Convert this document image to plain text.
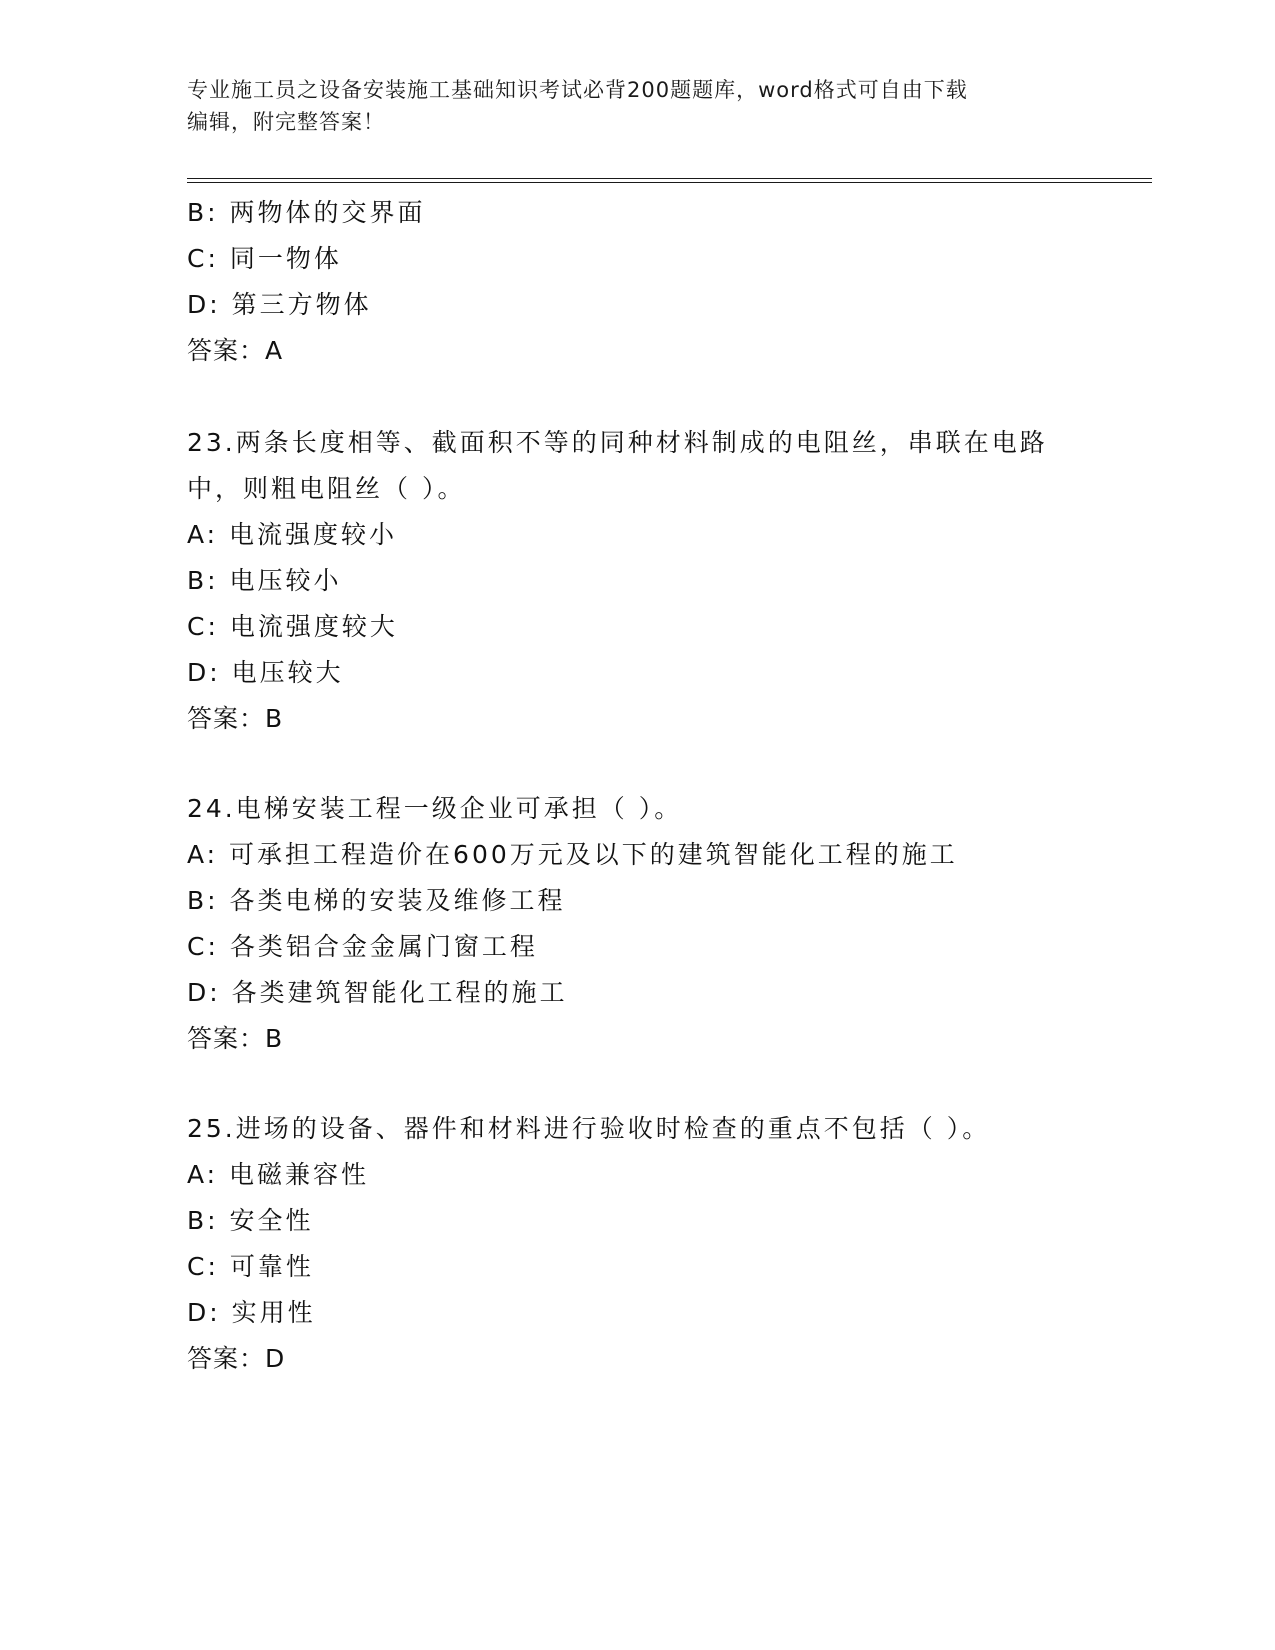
专业施工员之设备安装施工基础知识考试必背200题题库，word格式可自由下载
编辑，附完整答案！
B: 两物体的交界面
C: 同一物体
D: 第三方物体
答案：A
23.两条长度相等、截面积不等的同种材料制成的电阻丝，串联在电路
中，则粗电阻丝（ ）。
A: 电流强度较小
B: 电压较小
C: 电流强度较大
D: 电压较大
答案：B
24.电梯安装工程一级企业可承担（ ）。
A: 可承担工程造价在600万元及以下的建筑智能化工程的施工
B: 各类电梯的安装及维修工程
C: 各类铝合金金属门窗工程
D: 各类建筑智能化工程的施工
答案：B
25.进场的设备、器件和材料进行验收时检查的重点不包括（ ）。
A: 电磁兼容性
B: 安全性
C: 可靠性
D: 实用性
答案：D
